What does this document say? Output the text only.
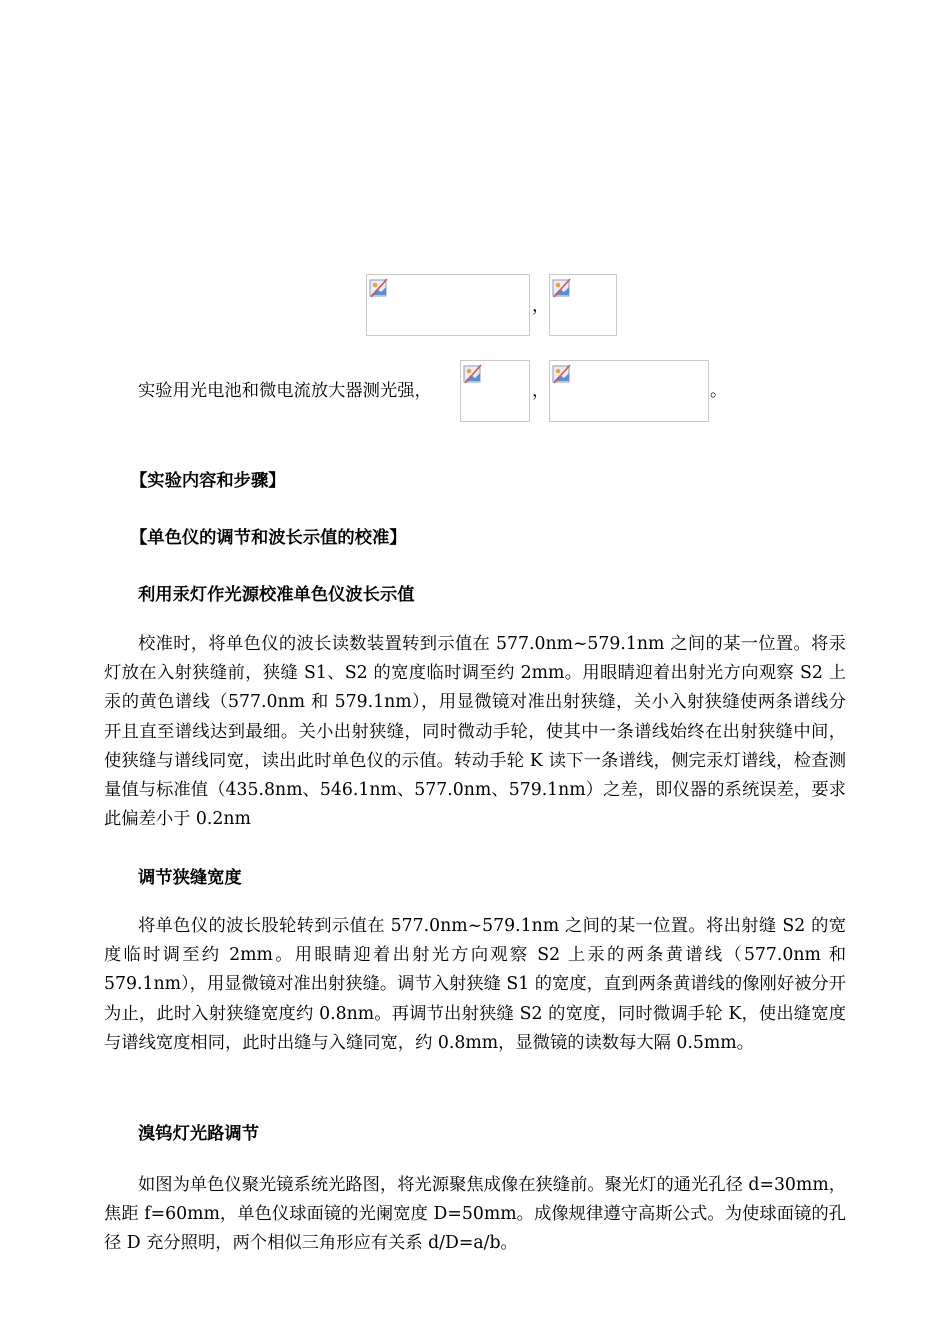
，
实验用光电池和微电流放大器测光强，	，	。
【实验内容和步骤】
【单色仪的调节和波长示值的校准】
利用汞灯作光源校准单色仪波长示值

校准时，将单色仪的波长读数装置转到示值在 577.0nm~579.1nm 之间的某一位置。将汞灯放在入射狭缝前，狭缝 S1、S2 的宽度临时调至约 2mm。用眼睛迎着出射光方向观察 S2 上汞的黄色谱线（577.0nm 和 579.1nm），用显微镜对准出射狭缝，关小入射狭缝使两条谱线分开且直至谱线达到最细。关小出射狭缝，同时微动手轮，使其中一条谱线始终在出射狭缝中间，使狭缝与谱线同宽，读出此时单色仪的示值。转动手轮 K 读下一条谱线，侧完汞灯谱线，检查测量值与标准值（435.8nm、546.1nm、577.0nm、579.1nm）之差，即仪器的系统误差，要求此偏差小于 0.2nm

调节狭缝宽度

将单色仪的波长股轮转到示值在 577.0nm~579.1nm 之间的某一位置。将出射缝 S2 的宽度临时调至约 2mm。用眼睛迎着出射光方向观察 S2 上汞的两条黄谱线（577.0nm 和 579.1nm），用显微镜对准出射狭缝。调节入射狭缝 S1 的宽度，直到两条黄谱线的像刚好被分开为止，此时入射狭缝宽度约 0.8nm。再调节出射狭缝 S2 的宽度，同时微调手轮 K，使出缝宽度与谱线宽度相同，此时出缝与入缝同宽，约 0.8mm，显微镜的读数每大隔 0.5mm。

溴钨灯光路调节

如图为单色仪聚光镜系统光路图，将光源聚焦成像在狭缝前。聚光灯的通光孔径 d=30mm，焦距 f=60mm，单色仪球面镜的光阑宽度 D=50mm。成像规律遵守高斯公式。为使球面镜的孔径 D 充分照明，两个相似三角形应有关系 d/D=a/b。
